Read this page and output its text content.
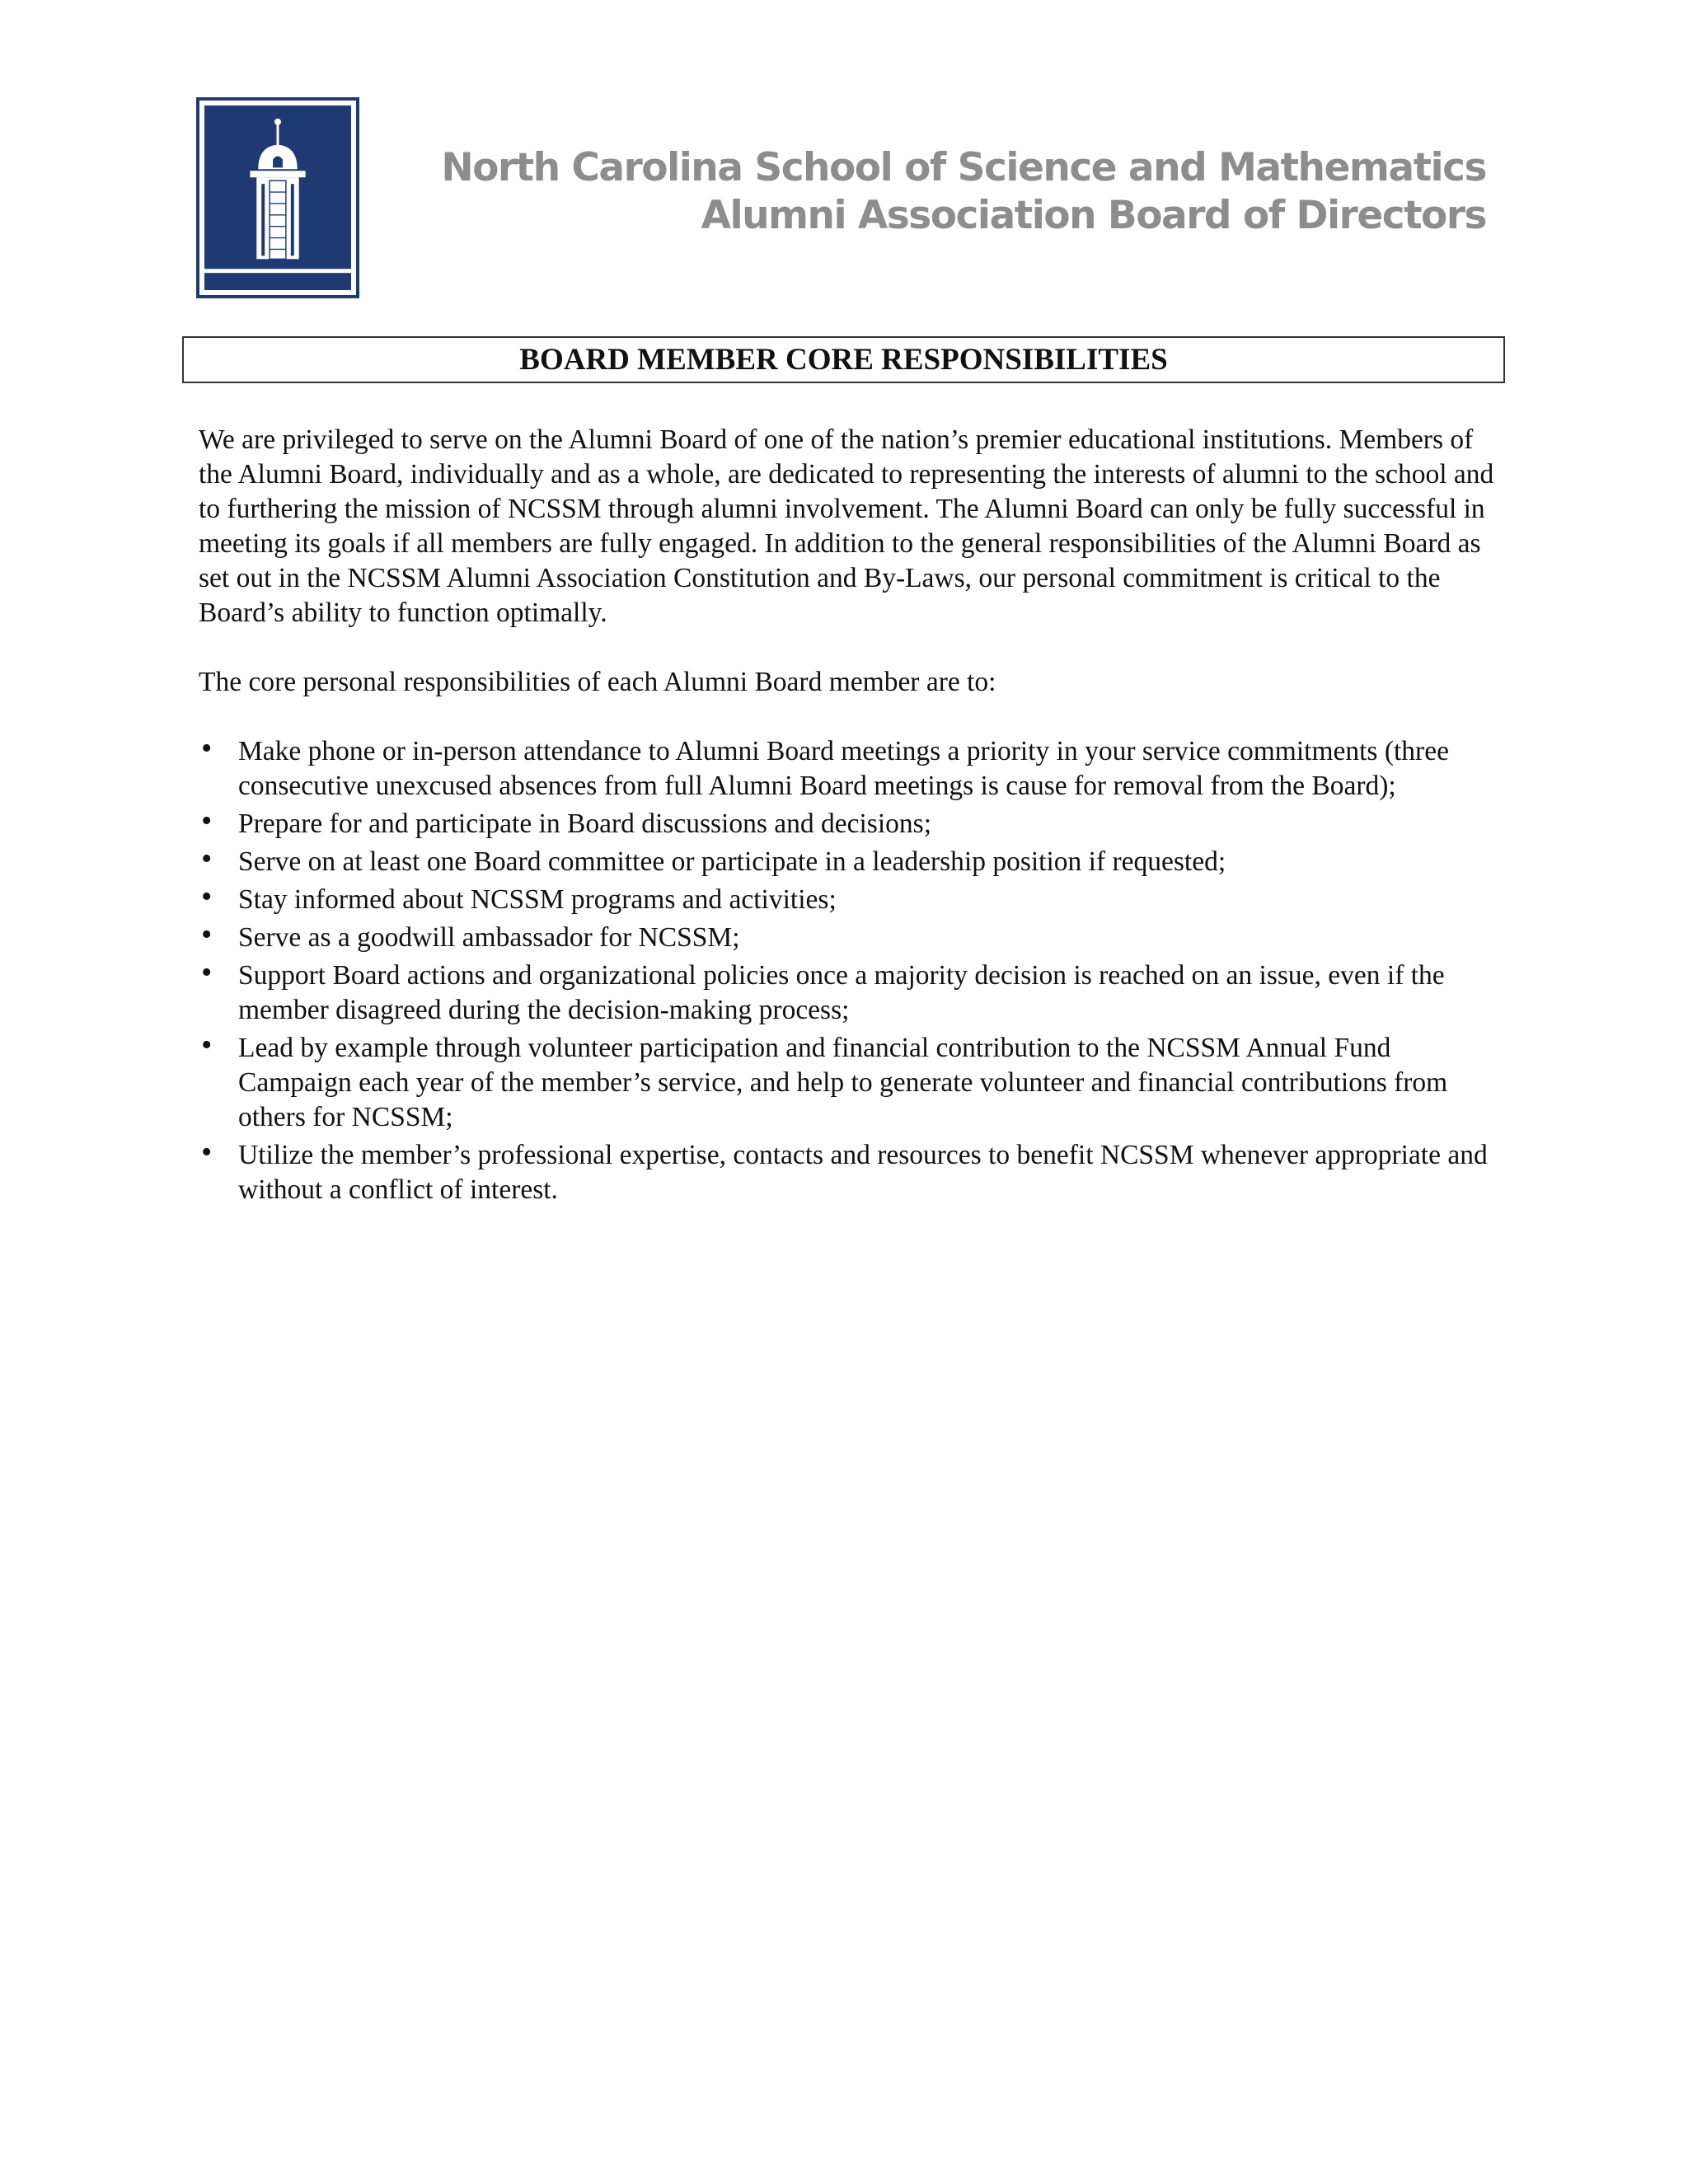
North Carolina School of Science and Mathematics
Alumni Association Board of Directors
BOARD MEMBER CORE RESPONSIBILITIES

We are privileged to serve on the Alumni Board of one of the nation’s premier educational institutions. Members of the Alumni Board, individually and as a whole, are dedicated to representing the interests of alumni to the school and to furthering the mission of NCSSM through alumni involvement. The Alumni Board can only be fully successful in meeting its goals if all members are fully engaged. In addition to the general responsibilities of the Alumni Board as set out in the NCSSM Alumni Association Constitution and By-Laws, our personal commitment is critical to the Board’s ability to function optimally.

The core personal responsibilities of each Alumni Board member are to:

• Make phone or in-person attendance to Alumni Board meetings a priority in your service commitments (three consecutive unexcused absences from full Alumni Board meetings is cause for removal from the Board);
• Prepare for and participate in Board discussions and decisions;
• Serve on at least one Board committee or participate in a leadership position if requested;
• Stay informed about NCSSM programs and activities;
• Serve as a goodwill ambassador for NCSSM;
• Support Board actions and organizational policies once a majority decision is reached on an issue, even if the member disagreed during the decision-making process;
• Lead by example through volunteer participation and financial contribution to the NCSSM Annual Fund Campaign each year of the member’s service, and help to generate volunteer and financial contributions from others for NCSSM;
• Utilize the member’s professional expertise, contacts and resources to benefit NCSSM whenever appropriate and without a conflict of interest.
